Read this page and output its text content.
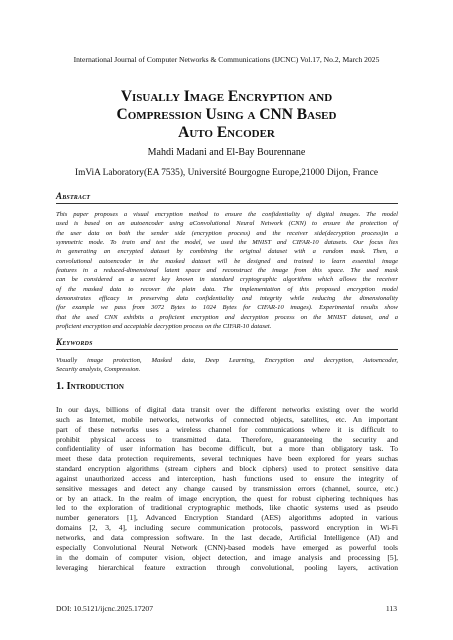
International Journal of Computer Networks & Communications (IJCNC) Vol.17, No.2, March 2025
Visually Image Encryption and
Compression Using a CNN Based
Auto Encoder
Mahdi Madani and El-Bay Bourennane
ImViA Laboratory(EA 7535), Université Bourgogne Europe,21000 Dijon, France
Abstract
This paper proposes a visual encryption method to ensure the confidentiality of digital images. The model
used is based on an autoencoder using aConvolutional Neural Network (CNN) to ensure the protection of
the user data on both the sender side (encryption process) and the receiver side(decryption process)in a
symmetric mode. To train and test the model, we used the MNIST and CIFAR-10 datasets. Our focus lies
in generating an encrypted dataset by combining the original dataset with a random mask. Then, a
convolutional autoencoder in the masked dataset will be designed and trained to learn essential image
features in a reduced-dimensional latent space and reconstruct the image from this space. The used mask
can be considered as a secret key known in standard cryptographic algorithms which allows the receiver
of the masked data to recover the plain data. The implementation of this proposed encryption model
demonstrates efficacy in preserving data confidentiality and integrity while reducing the dimensionality
(for example we pass from 3072 Bytes to 1024 Bytes for CIFAR-10 images). Experimental results show
that the used CNN exhibits a proficient encryption and decryption process on the MNIST dataset, and a
proficient encryption and acceptable decryption process on the CIFAR-10 dataset.
Keywords
Visually image protection, Masked data, Deep Learning, Encryption and decryption, Autoencoder,
Security analysis, Compression.
1. Introduction
In our days, billions of digital data transit over the different networks existing over the world
such as Internet, mobile networks, networks of connected objects, satellites, etc. An important
part of these networks uses a wireless channel for communications where it is difficult to
prohibit physical access to transmitted data. Therefore, guaranteeing the security and
confidentiality of user information has become difficult, but a more than obligatory task. To
meet these data protection requirements, several techniques have been explored for years suchas
standard encryption algorithms (stream ciphers and block ciphers) used to protect sensitive data
against unauthorized access and interception, hash functions used to ensure the integrity of
sensitive messages and detect any change caused by transmission errors (channel, source, etc.)
or by an attack. In the realm of image encryption, the quest for robust ciphering techniques has
led to the exploration of traditional cryptographic methods, like chaotic systems used as pseudo
number generators [1], Advanced Encryption Standard (AES) algorithms adopted in various
domains [2, 3, 4], including secure communication protocols, password encryption in Wi-Fi
networks, and data compression software. In the last decade, Artificial Intelligence (AI) and
especially Convolutional Neural Network (CNN)-based models have emerged as powerful tools
in the domain of computer vision, object detection, and image analysis and processing [5],
leveraging hierarchical feature extraction through convolutional, pooling layers, activation
DOI: 10.5121/ijcnc.2025.17207	113
